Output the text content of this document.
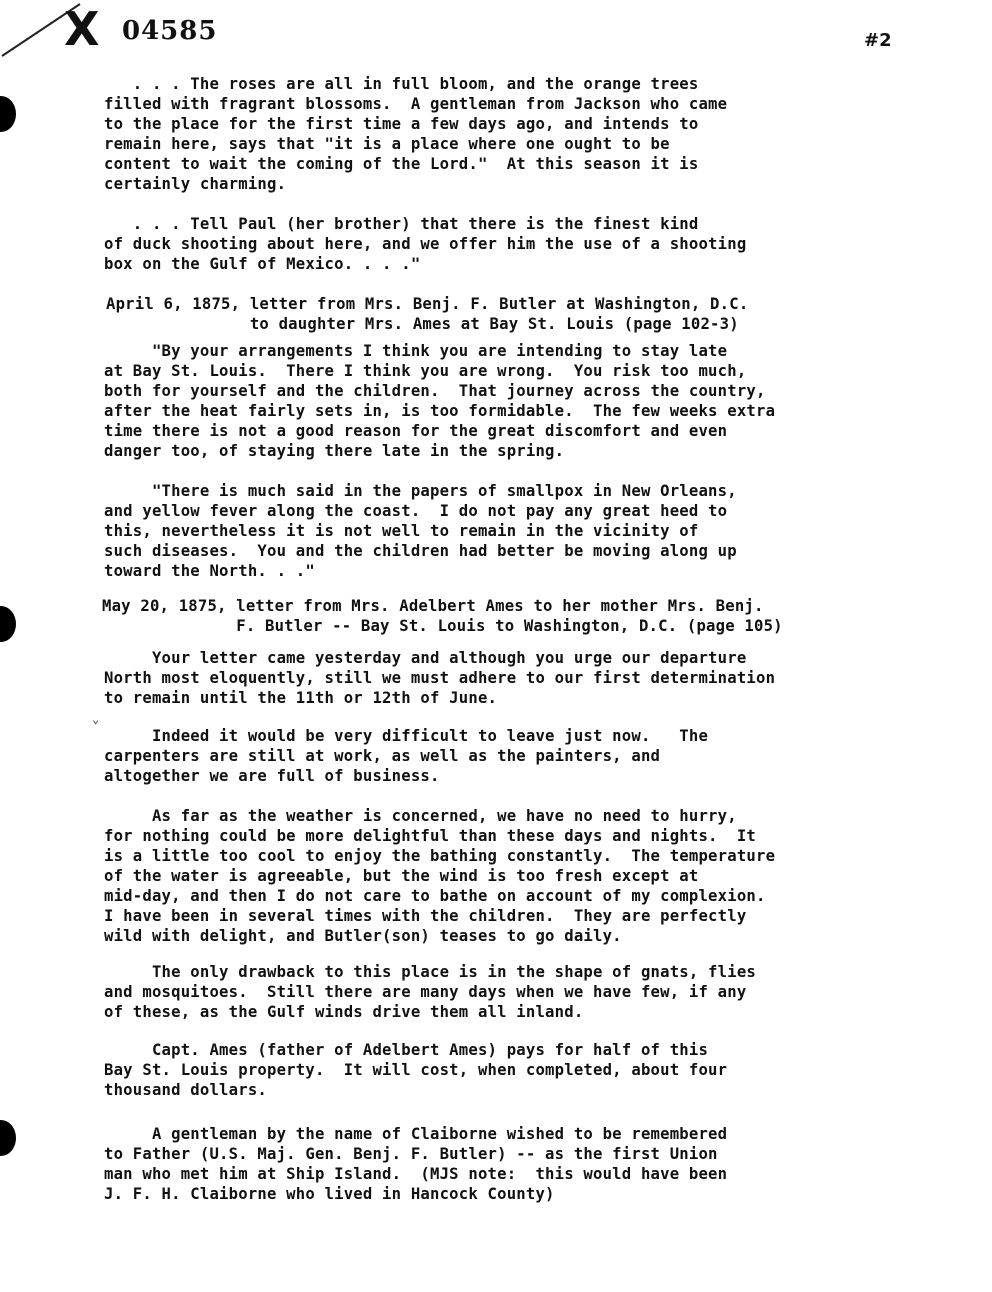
X 04585	#2
⌄
. . . The roses are all in full bloom, and the orange trees
filled with fragrant blossoms.  A gentleman from Jackson who came
to the place for the first time a few days ago, and intends to
remain here, says that "it is a place where one ought to be
content to wait the coming of the Lord."  At this season it is
certainly charming.
. . . Tell Paul (her brother) that there is the finest kind
of duck shooting about here, and we offer him the use of a shooting
box on the Gulf of Mexico. . . ."
April 6, 1875, letter from Mrs. Benj. F. Butler at Washington, D.C.
to daughter Mrs. Ames at Bay St. Louis (page 102-3)
"By your arrangements I think you are intending to stay late
at Bay St. Louis.  There I think you are wrong.  You risk too much,
both for yourself and the children.  That journey across the country,
after the heat fairly sets in, is too formidable.  The few weeks extra
time there is not a good reason for the great discomfort and even
danger too, of staying there late in the spring.
"There is much said in the papers of smallpox in New Orleans,
and yellow fever along the coast.  I do not pay any great heed to
this, nevertheless it is not well to remain in the vicinity of
such diseases.  You and the children had better be moving along up
toward the North. . ."
May 20, 1875, letter from Mrs. Adelbert Ames to her mother Mrs. Benj.
F. Butler -- Bay St. Louis to Washington, D.C. (page 105)
Your letter came yesterday and although you urge our departure
North most eloquently, still we must adhere to our first determination
to remain until the 11th or 12th of June.
Indeed it would be very difficult to leave just now.   The
carpenters are still at work, as well as the painters, and
altogether we are full of business.
As far as the weather is concerned, we have no need to hurry,
for nothing could be more delightful than these days and nights.  It
is a little too cool to enjoy the bathing constantly.  The temperature
of the water is agreeable, but the wind is too fresh except at
mid-day, and then I do not care to bathe on account of my complexion.
I have been in several times with the children.  They are perfectly
wild with delight, and Butler(son) teases to go daily.
The only drawback to this place is in the shape of gnats, flies
and mosquitoes.  Still there are many days when we have few, if any
of these, as the Gulf winds drive them all inland.
Capt. Ames (father of Adelbert Ames) pays for half of this
Bay St. Louis property.  It will cost, when completed, about four
thousand dollars.
A gentleman by the name of Claiborne wished to be remembered
to Father (U.S. Maj. Gen. Benj. F. Butler) -- as the first Union
man who met him at Ship Island.  (MJS note:  this would have been
J. F. H. Claiborne who lived in Hancock County)
